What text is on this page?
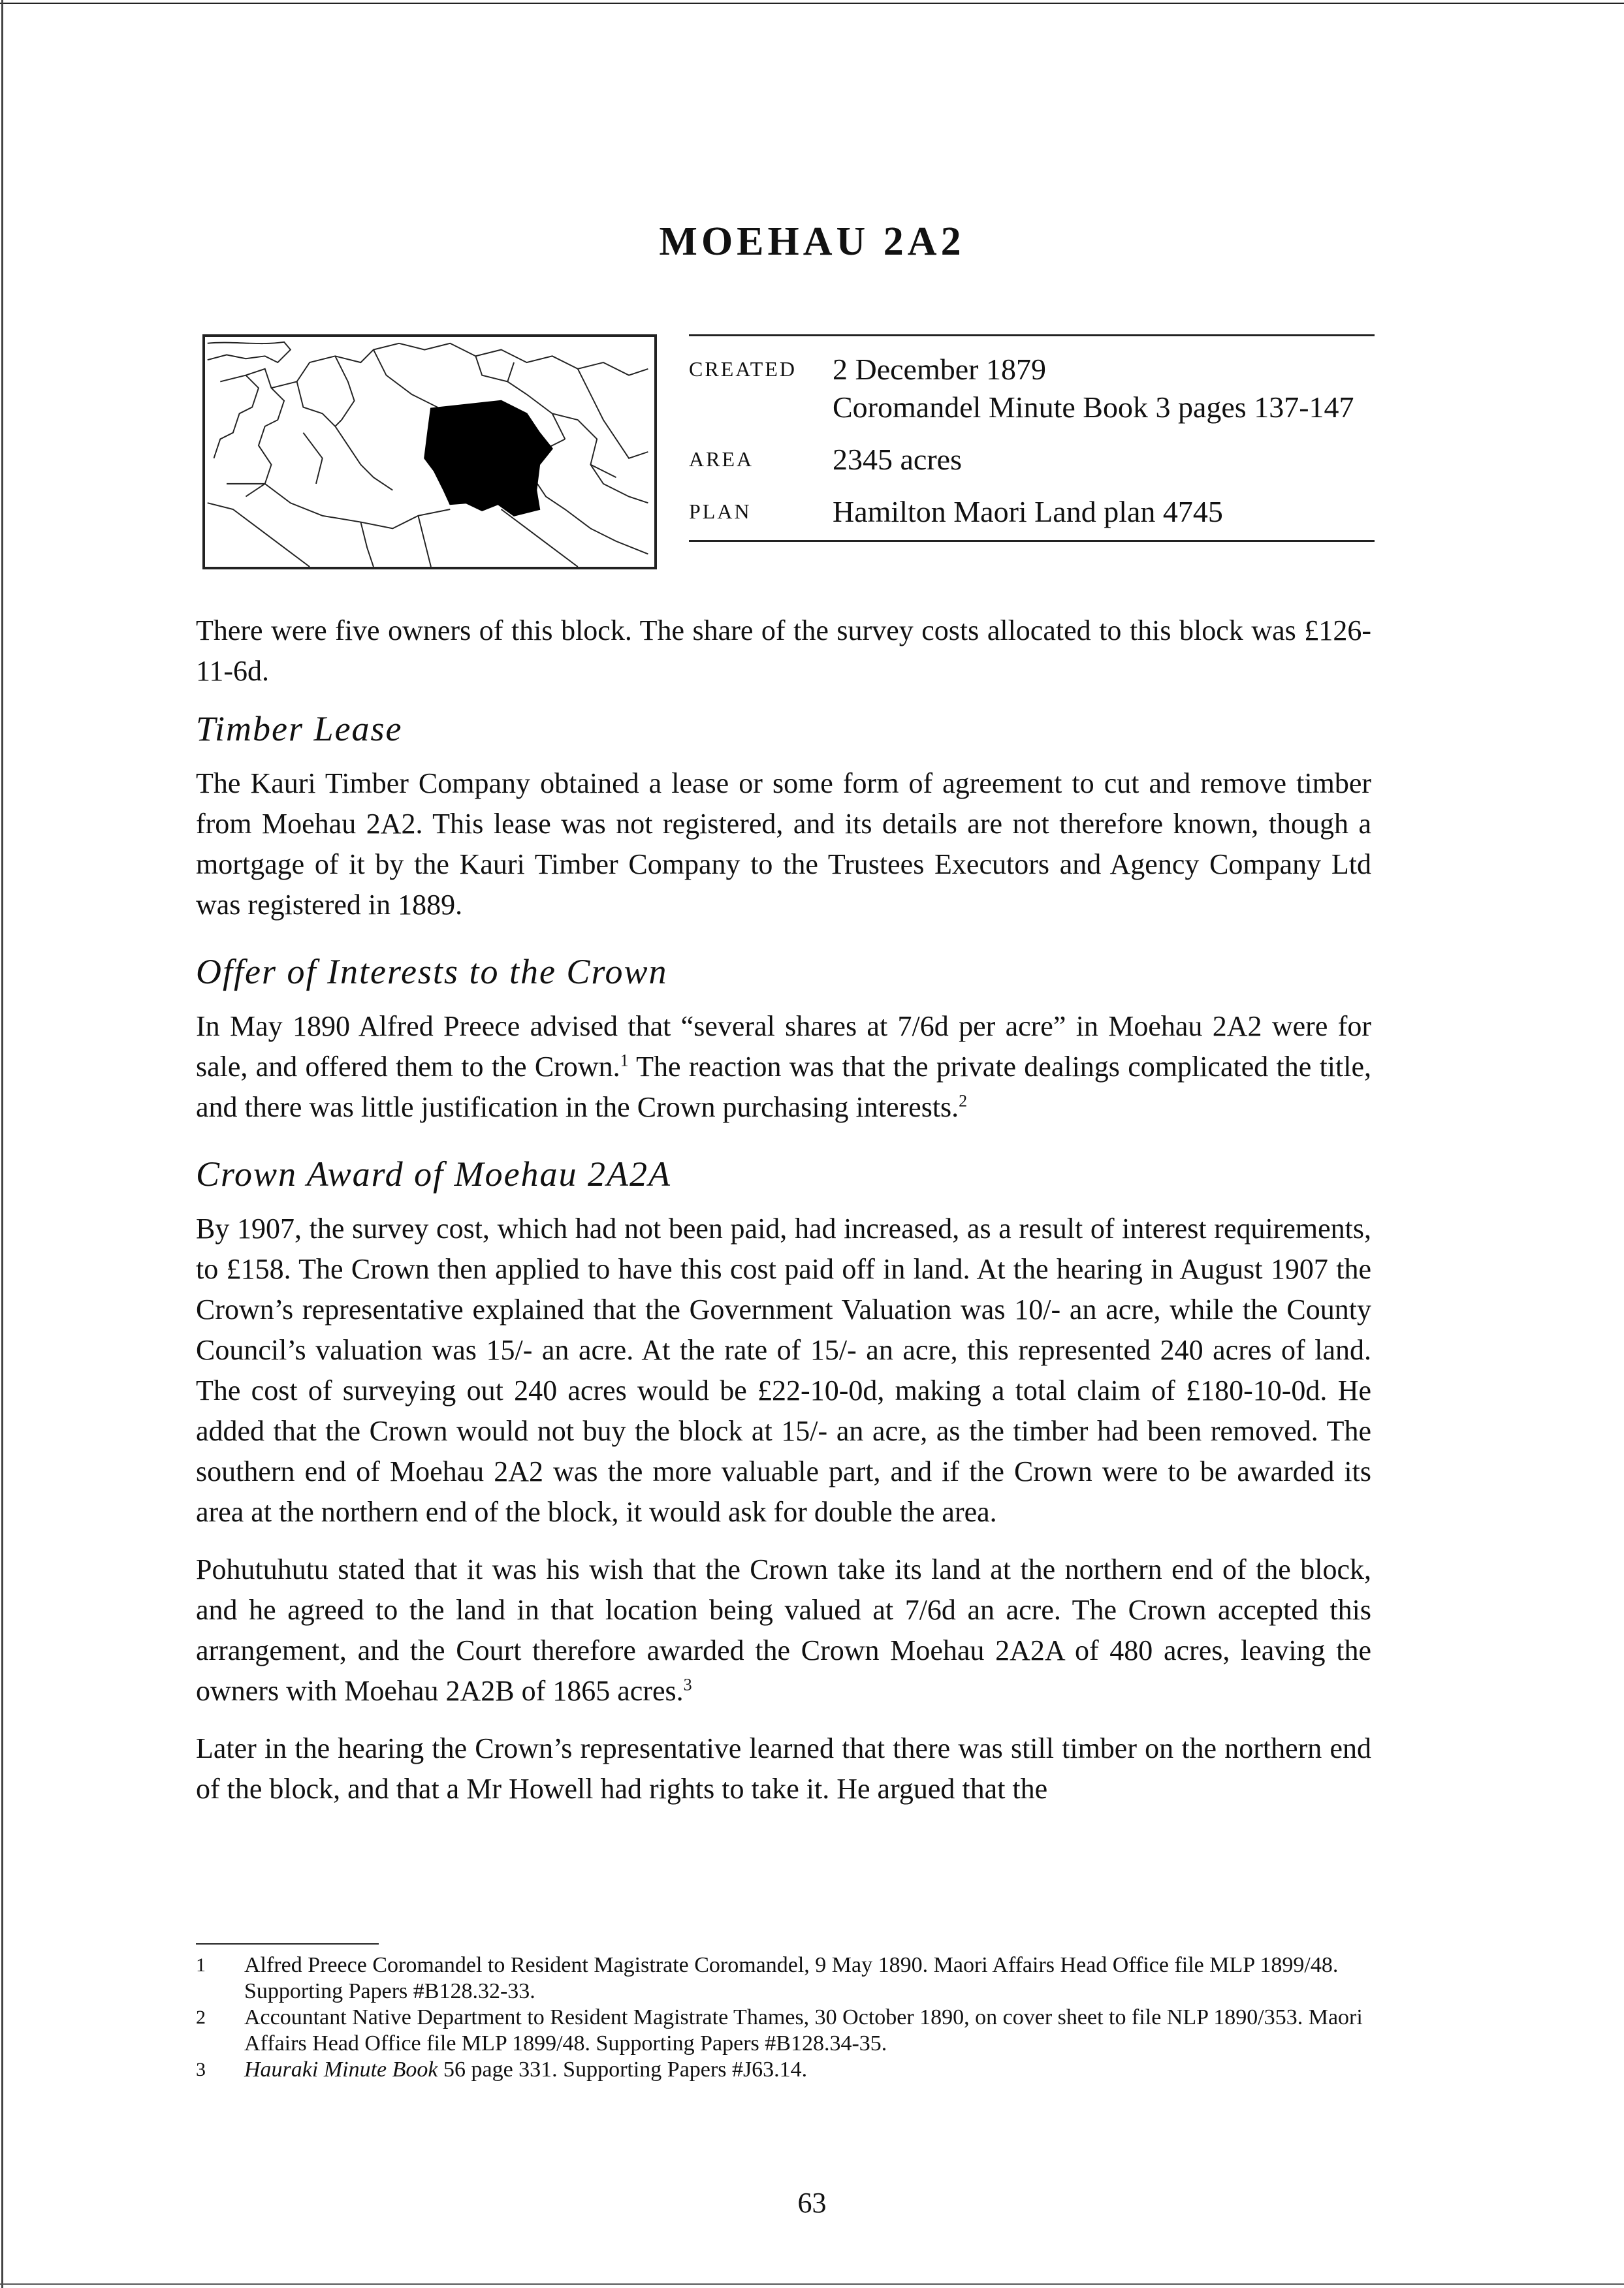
MOEHAU 2A2
CREATED	2 December 1879
Coromandel Minute Book 3 pages 137-147
AREA	2345 acres
PLAN	Hamilton Maori Land plan 4745

There were five owners of this block. The share of the survey costs allocated to this block was £126-11-6d.

Timber Lease

The Kauri Timber Company obtained a lease or some form of agreement to cut and remove timber from Moehau 2A2. This lease was not registered, and its details are not therefore known, though a mortgage of it by the Kauri Timber Company to the Trustees Executors and Agency Company Ltd was registered in 1889.

Offer of Interests to the Crown

In May 1890 Alfred Preece advised that “several shares at 7/6d per acre” in Moehau 2A2 were for sale, and offered them to the Crown.$^1$ The reaction was that the private dealings complicated the title, and there was little justification in the Crown purchasing interests.$^2$

Crown Award of Moehau 2A2A

By 1907, the survey cost, which had not been paid, had increased, as a result of interest requirements, to £158. The Crown then applied to have this cost paid off in land. At the hearing in August 1907 the Crown’s representative explained that the Government Valuation was 10/- an acre, while the County Council’s valuation was 15/- an acre. At the rate of 15/- an acre, this represented 240 acres of land. The cost of surveying out 240 acres would be £22-10-0d, making a total claim of £180-10-0d. He added that the Crown would not buy the block at 15/- an acre, as the timber had been removed. The southern end of Moehau 2A2 was the more valuable part, and if the Crown were to be awarded its area at the northern end of the block, it would ask for double the area.

Pohutuhutu stated that it was his wish that the Crown take its land at the northern end of the block, and he agreed to the land in that location being valued at 7/6d an acre. The Crown accepted this arrangement, and the Court therefore awarded the Crown Moehau 2A2A of 480 acres, leaving the owners with Moehau 2A2B of 1865 acres.$^3$

Later in the hearing the Crown’s representative learned that there was still timber on the northern end of the block, and that a Mr Howell had rights to take it. He argued that the

1	Alfred Preece Coromandel to Resident Magistrate Coromandel, 9 May 1890. Maori Affairs Head Office file MLP 1899/48. Supporting Papers #B128.32-33.
2	Accountant Native Department to Resident Magistrate Thames, 30 October 1890, on cover sheet to file NLP 1890/353. Maori Affairs Head Office file MLP 1899/48. Supporting Papers #B128.34-35.
3	Hauraki Minute Book 56 page 331. Supporting Papers #J63.14.
63
